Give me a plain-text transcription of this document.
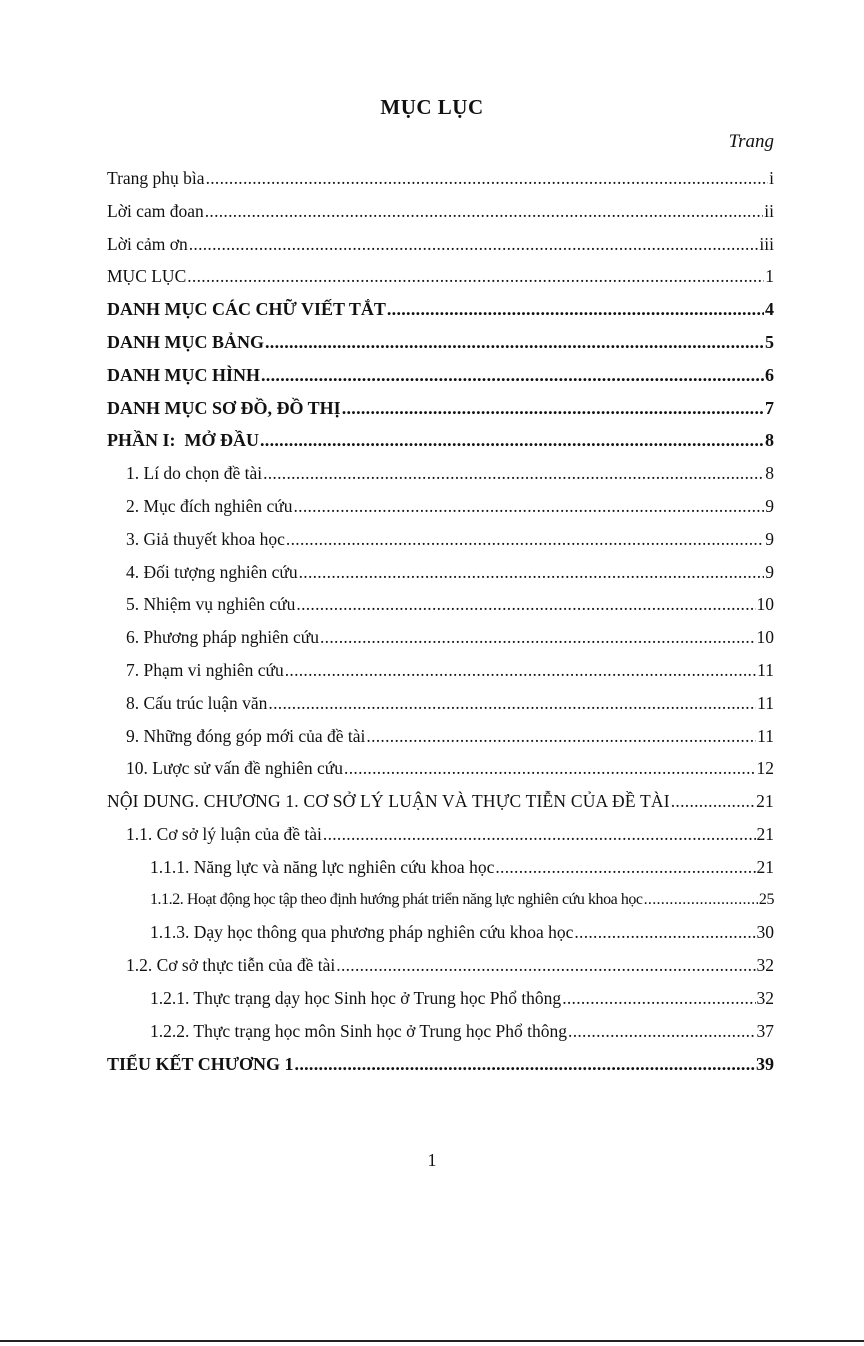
MỤC LỤC
Trang
Trang phụ bìa .....	i
Lời cam đoan .....	ii
Lời cảm ơn .....	iii
MỤC LỤC .....	1
DANH MỤC CÁC CHỮ VIẾT TẮT .....	4
DANH MỤC BẢNG .....	5
DANH MỤC HÌNH .....	6
DANH MỤC SƠ ĐỒ, ĐỒ THỊ .....	7
PHẦN I:  MỞ ĐẦU .....	8
1. Lí do chọn đề tài .....	8
2. Mục đích nghiên cứu .....	9
3. Giả thuyết khoa học .....	9
4. Đối tượng nghiên cứu .....	9
5. Nhiệm vụ nghiên cứu .....	10
6. Phương pháp nghiên cứu .....	10
7. Phạm vi nghiên cứu .....	11
8. Cấu trúc luận văn .....	11
9. Những đóng góp mới của đề tài .....	11
10. Lược sử vấn đề nghiên cứu .....	12
NỘI DUNG. CHƯƠNG 1. CƠ SỞ LÝ LUẬN VÀ THỰC TIỄN CỦA ĐỀ TÀI .....	21
1.1. Cơ sở lý luận của đề tài .....	21
1.1.1. Năng lực và năng lực nghiên cứu khoa học .....	21
1.1.2. Hoạt động học tập theo định hướng phát triển năng lực nghiên cứu khoa học .....	25
1.1.3. Dạy học thông qua phương pháp nghiên cứu khoa học .....	30
1.2. Cơ sở thực tiễn của đề tài .....	32
1.2.1. Thực trạng dạy học Sinh học ở Trung học Phổ thông .....	32
1.2.2. Thực trạng học môn Sinh học ở Trung học Phổ thông .....	37
TIỂU KẾT CHƯƠNG 1 .....	39
1
